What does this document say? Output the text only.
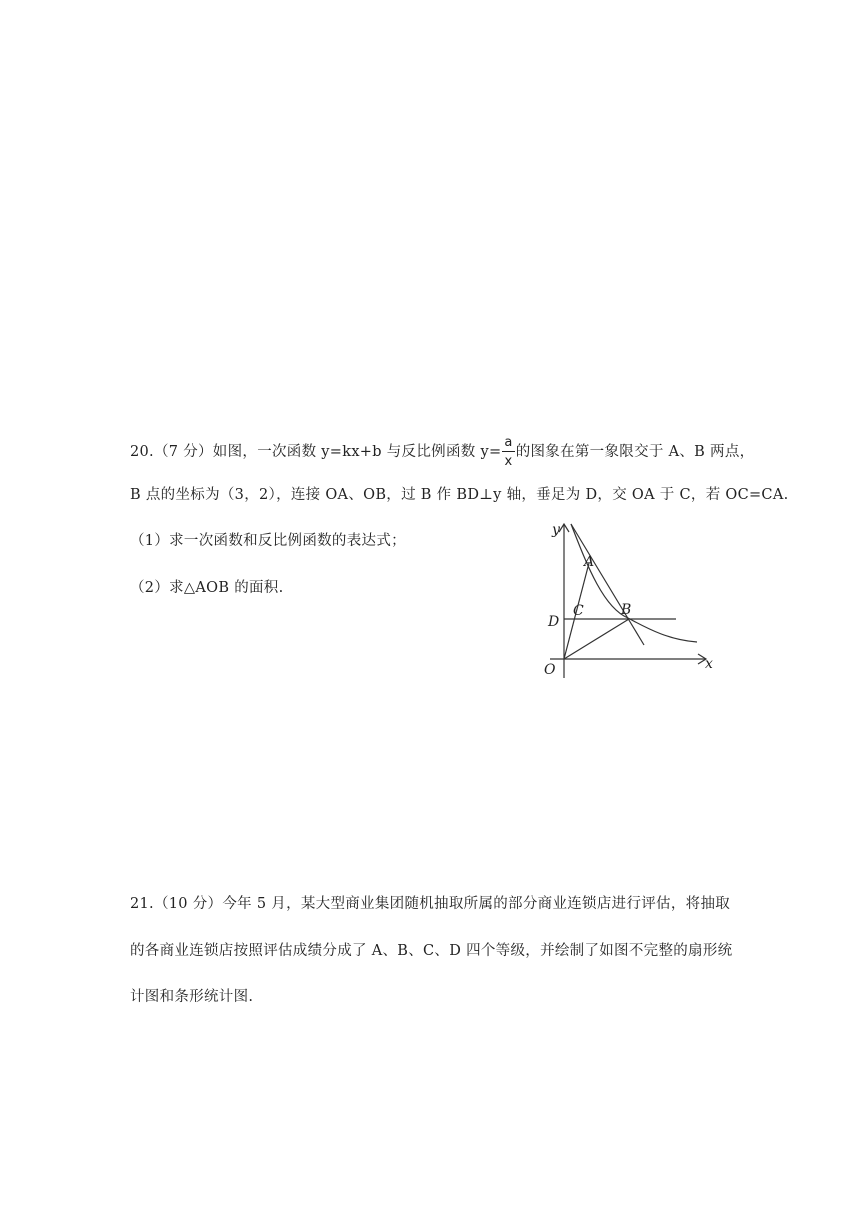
20.（7 分）如图，一次函数 y=kx+b 与反比例函数 $y= \frac{a}{x}$ 的图象在第一象限交于 A、B 两点，
B 点的坐标为（3，2），连接 OA、OB，过 B 作 BD⊥y 轴，垂足为 D，交 OA 于 C，若 OC=CA.
（1）求一次函数和反比例函数的表达式；
（2）求△AOB 的面积.
y
x
O
A
B
C
D
21.（10 分）今年 5 月，某大型商业集团随机抽取所属的部分商业连锁店进行评估，将抽取
的各商业连锁店按照评估成绩分成了 A、B、C、D 四个等级，并绘制了如图不完整的扇形统
计图和条形统计图.
